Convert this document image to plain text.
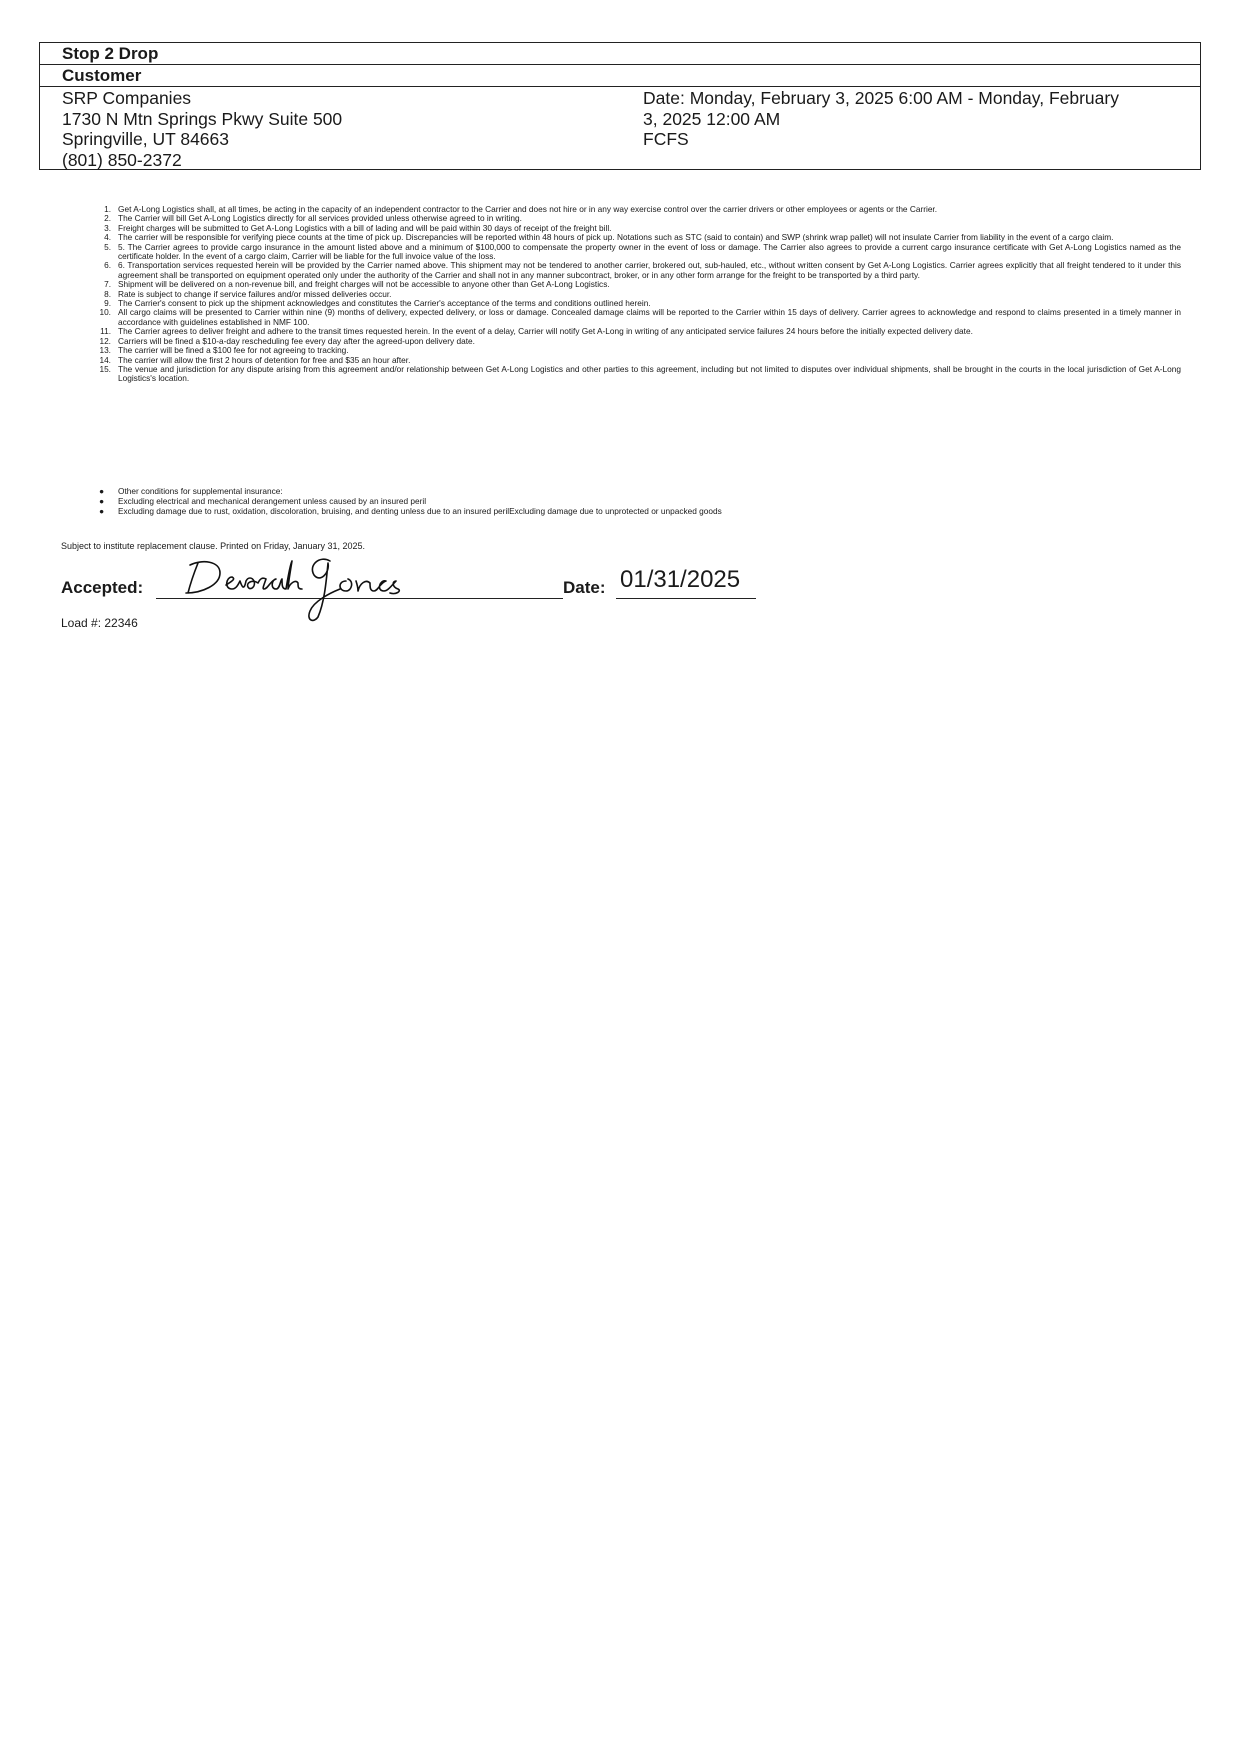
Stop 2 Drop
Customer
SRP Companies
1730 N Mtn Springs Pkwy Suite 500
Springville, UT 84663
(801) 850-2372
Date: Monday, February 3, 2025 6:00 AM - Monday, February
3, 2025 12:00 AM
FCFS
1. Get A-Long Logistics shall, at all times, be acting in the capacity of an independent contractor to the Carrier and does not hire or in any way exercise control over the carrier drivers or other employees or agents or the Carrier.
2. The Carrier will bill Get A-Long Logistics directly for all services provided unless otherwise agreed to in writing.
3. Freight charges will be submitted to Get A-Long Logistics with a bill of lading and will be paid within 30 days of receipt of the freight bill.
4. The carrier will be responsible for verifying piece counts at the time of pick up. Discrepancies will be reported within 48 hours of pick up. Notations such as STC (said to contain) and SWP (shrink wrap pallet) will not insulate Carrier from liability in the event of a cargo claim.
5. 5. The Carrier agrees to provide cargo insurance in the amount listed above and a minimum of $100,000 to compensate the property owner in the event of loss or damage. The Carrier also agrees to provide a current cargo insurance certificate with Get A-Long Logistics named as the certificate holder. In the event of a cargo claim, Carrier will be liable for the full invoice value of the loss.
6. 6. Transportation services requested herein will be provided by the Carrier named above. This shipment may not be tendered to another carrier, brokered out, sub-hauled, etc., without written consent by Get A-Long Logistics. Carrier agrees explicitly that all freight tendered to it under this agreement shall be transported on equipment operated only under the authority of the Carrier and shall not in any manner subcontract, broker, or in any other form arrange for the freight to be transported by a third party.
7. Shipment will be delivered on a non-revenue bill, and freight charges will not be accessible to anyone other than Get A-Long Logistics.
8. Rate is subject to change if service failures and/or missed deliveries occur.
9. The Carrier's consent to pick up the shipment acknowledges and constitutes the Carrier's acceptance of the terms and conditions outlined herein.
10. All cargo claims will be presented to Carrier within nine (9) months of delivery, expected delivery, or loss or damage. Concealed damage claims will be reported to the Carrier within 15 days of delivery. Carrier agrees to acknowledge and respond to claims presented in a timely manner in accordance with guidelines established in NMF 100.
11. The Carrier agrees to deliver freight and adhere to the transit times requested herein. In the event of a delay, Carrier will notify Get A-Long in writing of any anticipated service failures 24 hours before the initially expected delivery date.
12. Carriers will be fined a $10-a-day rescheduling fee every day after the agreed-upon delivery date.
13. The carrier will be fined a $100 fee for not agreeing to tracking.
14. The carrier will allow the first 2 hours of detention for free and $35 an hour after.
15. The venue and jurisdiction for any dispute arising from this agreement and/or relationship between Get A-Long Logistics and other parties to this agreement, including but not limited to disputes over individual shipments, shall be brought in the courts in the local jurisdiction of Get A-Long Logistics's location.
● Other conditions for supplemental insurance:
● Excluding electrical and mechanical derangement unless caused by an insured peril
● Excluding damage due to rust, oxidation, discoloration, bruising, and denting unless due to an insured perilExcluding damage due to unprotected or unpacked goods
Subject to institute replacement clause. Printed on Friday, January 31, 2025.
Accepted:	Date: 01/31/2025
Load #: 22346
